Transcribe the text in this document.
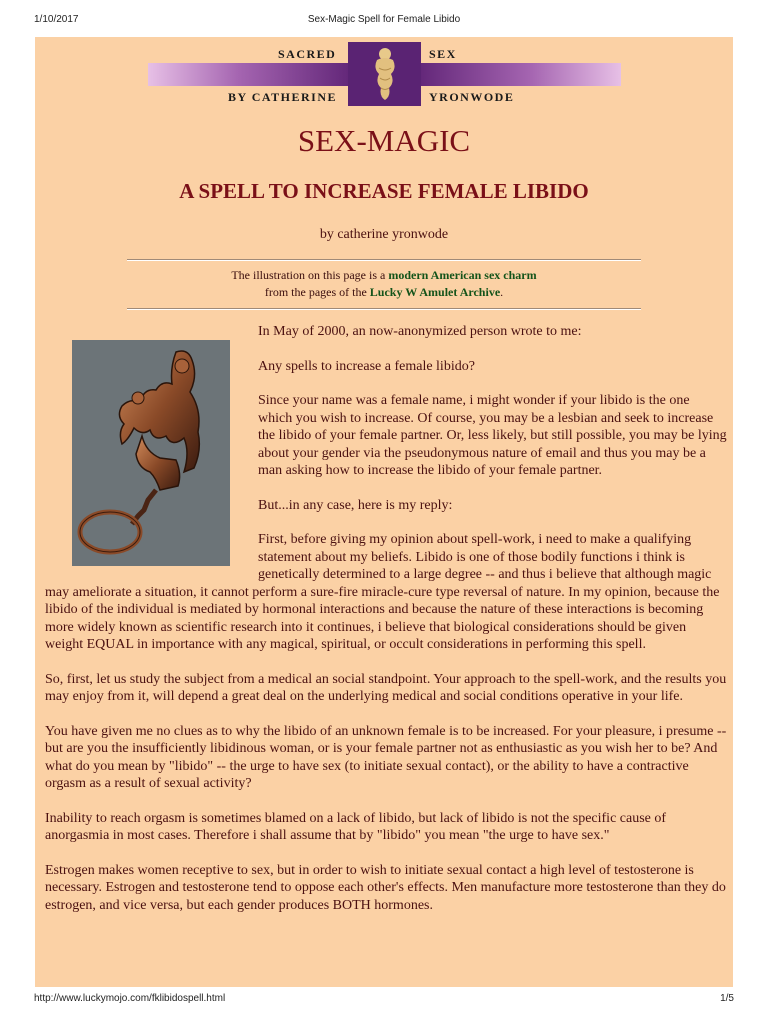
1/10/2017	Sex-Magic Spell for Female Libido
SACRED	SEX
BY CATHERINE	YRONWODE
SEX-MAGIC
A SPELL TO INCREASE FEMALE LIBIDO
by catherine yronwode
The illustration on this page is a modern American sex charm
from the pages of the Lucky W Amulet Archive.

In May of 2000, an now-anonymized person wrote to me:

Any spells to increase a female libido?

Since your name was a female name, i might wonder if your libido is the one which you wish to increase. Of course, you may be a lesbian and seek to increase the libido of your female partner. Or, less likely, but still possible, you may be lying about your gender via the pseudonymous nature of email and thus you may be a man asking how to increase the libido of your female partner.

But...in any case, here is my reply:

First, before giving my opinion about spell-work, i need to make a qualifying statement about my beliefs. Libido is one of those bodily functions i think is genetically determined to a large degree -- and thus i believe that although magic may ameliorate a situation, it cannot perform a sure-fire miracle-cure type reversal of nature. In my opinion, because the libido of the individual is mediated by hormonal interactions and because the nature of these interactions is becoming more widely known as scientific research into it continues, i believe that biological considerations should be given weight EQUAL in importance with any magical, spiritual, or occult considerations in performing this spell.

So, first, let us study the subject from a medical an social standpoint. Your approach to the spell-work, and the results you may enjoy from it, will depend a great deal on the underlying medical and social conditions operative in your life.

You have given me no clues as to why the libido of an unknown female is to be increased. For your pleasure, i presume -- but are you the insufficiently libidinous woman, or is your female partner not as enthusiastic as you wish her to be? And what do you mean by "libido" -- the urge to have sex (to initiate sexual contact), or the ability to have a contractive orgasm as a result of sexual activity?

Inability to reach orgasm is sometimes blamed on a lack of libido, but lack of libido is not the specific cause of anorgasmia in most cases. Therefore i shall assume that by "libido" you mean "the urge to have sex."

Estrogen makes women receptive to sex, but in order to wish to initiate sexual contact a high level of testosterone is necessary. Estrogen and testosterone tend to oppose each other's effects. Men manufacture more testosterone than they do estrogen, and vice versa, but each gender produces BOTH hormones.

http://www.luckymojo.com/fklibidospell.html	1/5
